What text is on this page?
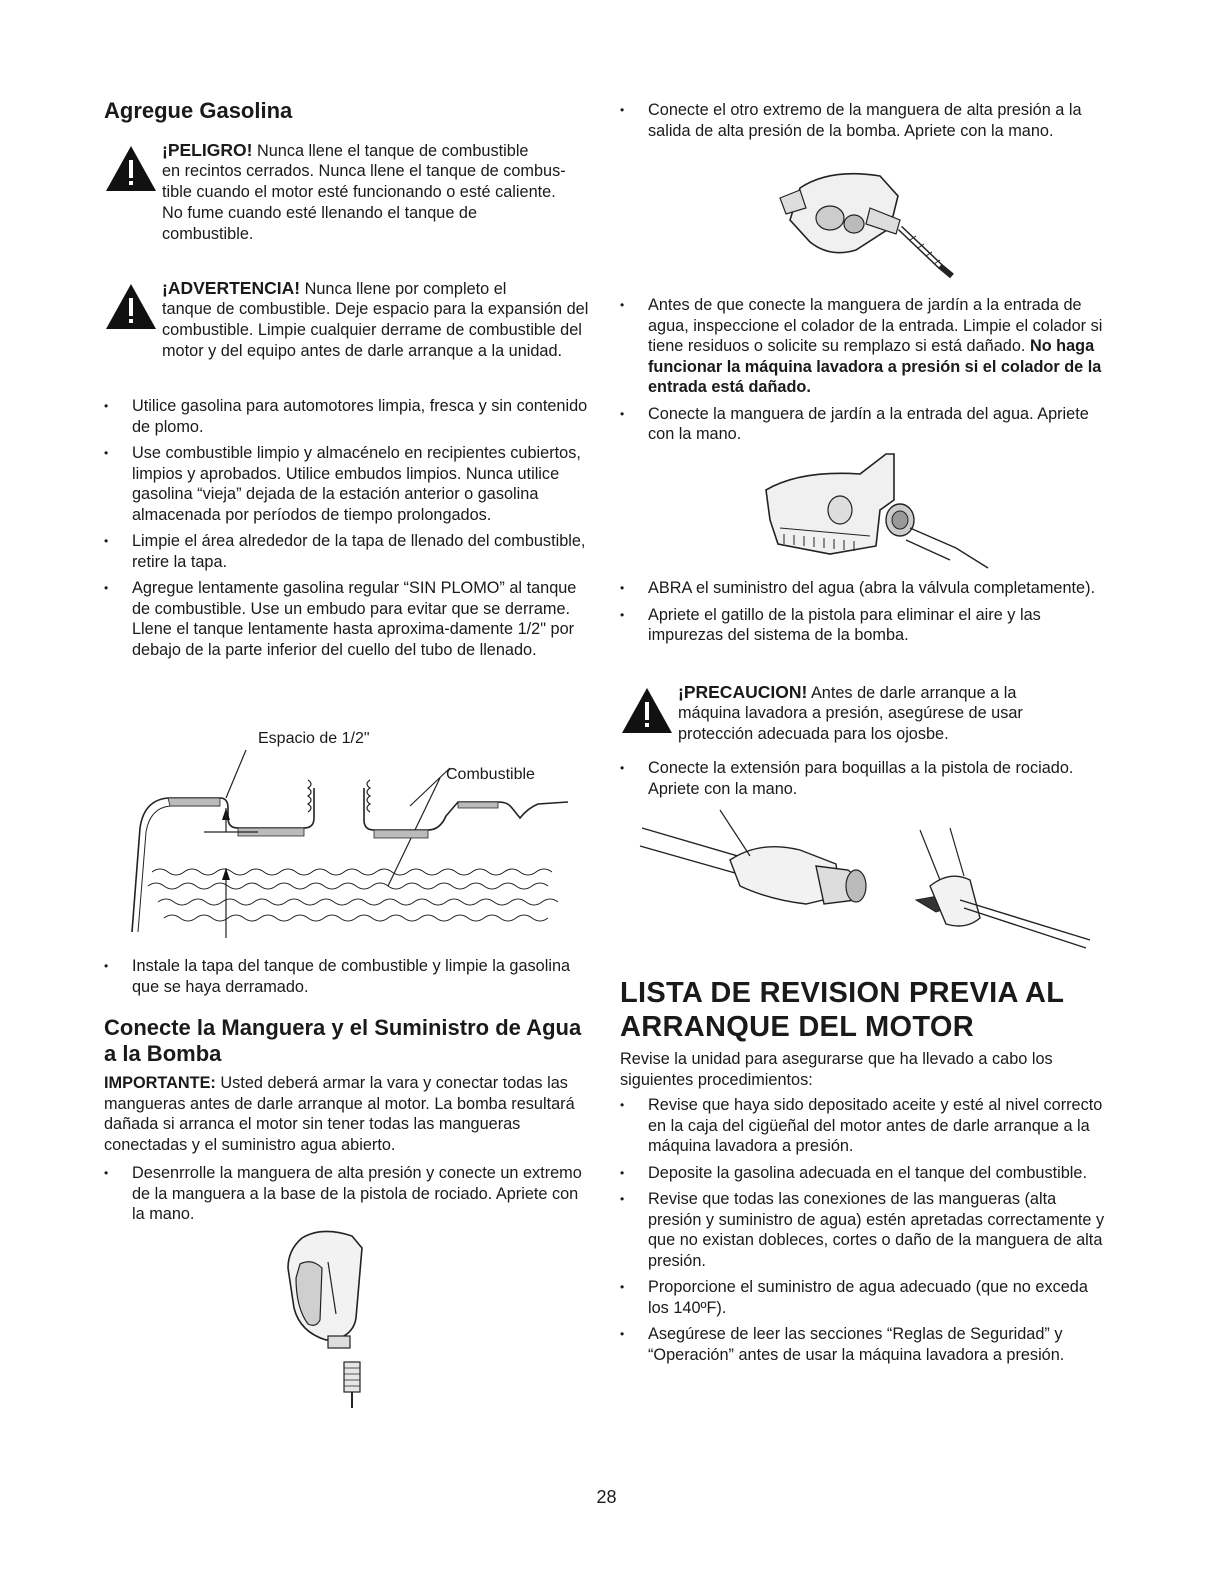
Agregue Gasolina
¡PELIGRO! Nunca llene el tanque de combustible
en recintos cerrados. Nunca llene el tanque de combus-tible cuando el motor esté funcionando o esté caliente. No fume cuando esté llenando el tanque de combustible.
¡ADVERTENCIA! Nunca llene por completo el
tanque de combustible. Deje espacio para la expansión del combustible. Limpie cualquier derrame de combustible del motor y del equipo antes de darle arranque a la unidad.
• Utilice gasolina para automotores limpia, fresca y sin contenido de plomo.
• Use combustible limpio y almacénelo en recipientes cubiertos, limpios y aprobados. Utilice embudos limpios. Nunca utilice gasolina “vieja” dejada de la estación anterior o gasolina almacenada por períodos de tiempo prolongados.
• Limpie el área alrededor de la tapa de llenado del combustible, retire la tapa.
• Agregue lentamente gasolina regular “SIN PLOMO” al tanque de combustible. Use un embudo para evitar que se derrame. Llene el tanque lentamente hasta aproxima-damente 1/2" por debajo de la parte inferior del cuello del tubo de llenado.
Espacio de 1/2"
Combustible
• Instale la tapa del tanque de combustible y limpie la gasolina que se haya derramado.
Conecte la Manguera y el Suministro de Agua a la Bomba

IMPORTANTE: Usted deberá armar la vara y conectar todas las mangueras antes de darle arranque al motor. La bomba resultará dañada si arranca el motor sin tener todas las mangueras conectadas y el suministro agua abierto.

• Desenrrolle la manguera de alta presión y conecte un extremo de la manguera a la base de la pistola de rociado. Apriete con la mano.
• Conecte el otro extremo de la manguera de alta presión a la salida de alta presión de la bomba. Apriete con la mano.
• Antes de que conecte la manguera de jardín a la entrada de agua, inspeccione el colador de la entrada. Limpie el colador si tiene residuos o solicite su remplazo si está dañado. No haga funcionar la máquina lavadora a presión si el colador de la entrada está dañado.
• Conecte la manguera de jardín a la entrada del agua. Apriete con la mano.
• ABRA el suministro del agua (abra la válvula completamente).
• Apriete el gatillo de la pistola para eliminar el aire y las impurezas del sistema de la bomba.
¡PRECAUCION! Antes de darle arranque a la
máquina lavadora a presión, asegúrese de usar protección adecuada para los ojosbe.
• Conecte la extensión para boquillas a la pistola de rociado. Apriete con la mano.
LISTA DE REVISION PREVIA AL ARRANQUE DEL MOTOR

Revise la unidad para asegurarse que ha llevado a cabo los siguientes procedimientos:

• Revise que haya sido depositado aceite y esté al nivel correcto en la caja del cigüeñal del motor antes de darle arranque a la máquina lavadora a presión.
• Deposite la gasolina adecuada en el tanque del combustible.
• Revise que todas las conexiones de las mangueras (alta presión y suministro de agua) estén apretadas correctamente y que no existan dobleces, cortes o daño de la manguera de alta presión.
• Proporcione el suministro de agua adecuado (que no exceda los 140ºF).
• Asegúrese de leer las secciones “Reglas de Seguridad” y “Operación” antes de usar la máquina lavadora a presión.
28
